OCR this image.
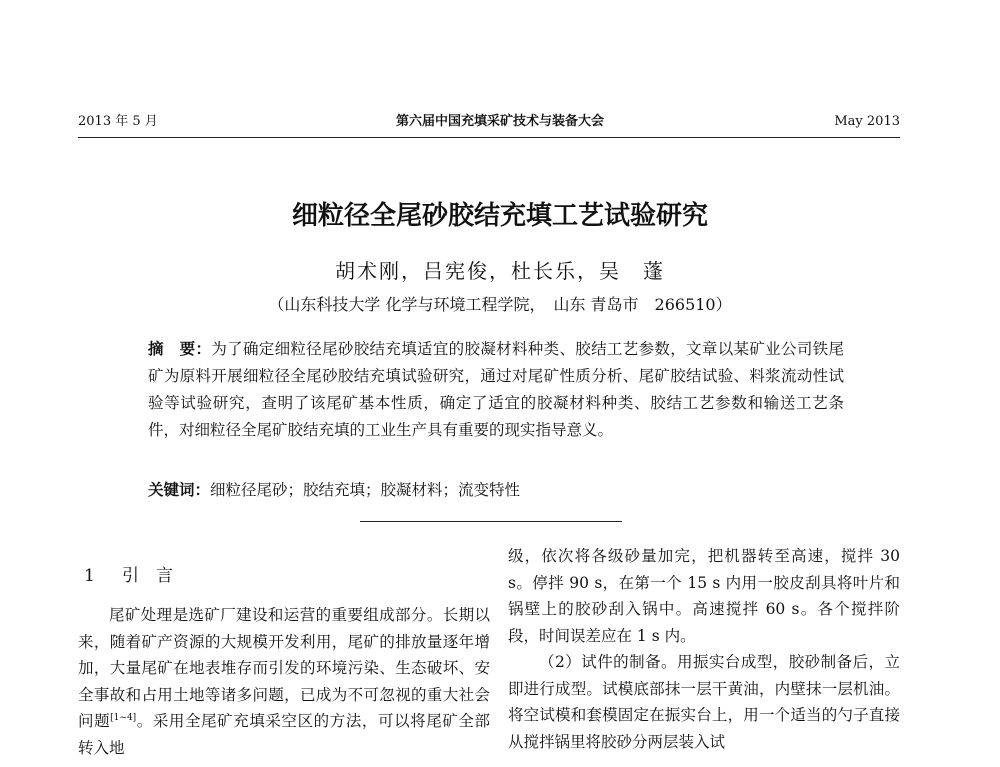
2013 年 5 月	第六届中国充填采矿技术与装备大会	May 2013
细粒径全尾砂胶结充填工艺试验研究
胡术刚，吕宪俊，杜长乐，吴　蓬
（山东科技大学 化学与环境工程学院，　山东 青岛市　266510）
摘　要：为了确定细粒径尾砂胶结充填适宜的胶凝材料种类、胶结工艺参数，文章以某矿业公司铁尾矿为原料开展细粒径全尾砂胶结充填试验研究，通过对尾矿性质分析、尾矿胶结试验、料浆流动性试验等试验研究，查明了该尾矿基本性质，确定了适宜的胶凝材料种类、胶结工艺参数和输送工艺条件，对细粒径全尾矿胶结充填的工业生产具有重要的现实指导意义。
关键词：细粒径尾砂；胶结充填；胶凝材料；流变特性
1 引　言

尾矿处理是选矿厂建设和运营的重要组成部分。长期以来，随着矿产资源的大规模开发利用，尾矿的排放量逐年增加，大量尾矿在地表堆存而引发的环境污染、生态破坏、安全事故和占用土地等诸多问题，已成为不可忽视的重大社会问题[1~4]。采用全尾矿充填采空区的方法，可以将尾矿全部转入地

级，依次将各级砂量加完，把机器转至高速，搅拌 30 s。停拌 90 s，在第一个 15 s 内用一胶皮刮具将叶片和锅壁上的胶砂刮入锅中。高速搅拌 60 s。各个搅拌阶段，时间误差应在 1 s 内。

（2）试件的制备。用振实台成型，胶砂制备后，立即进行成型。试模底部抹一层干黄油，内壁抹一层机油。将空试模和套模固定在振实台上，用一个适当的勺子直接从搅拌锅里将胶砂分两层装入试
